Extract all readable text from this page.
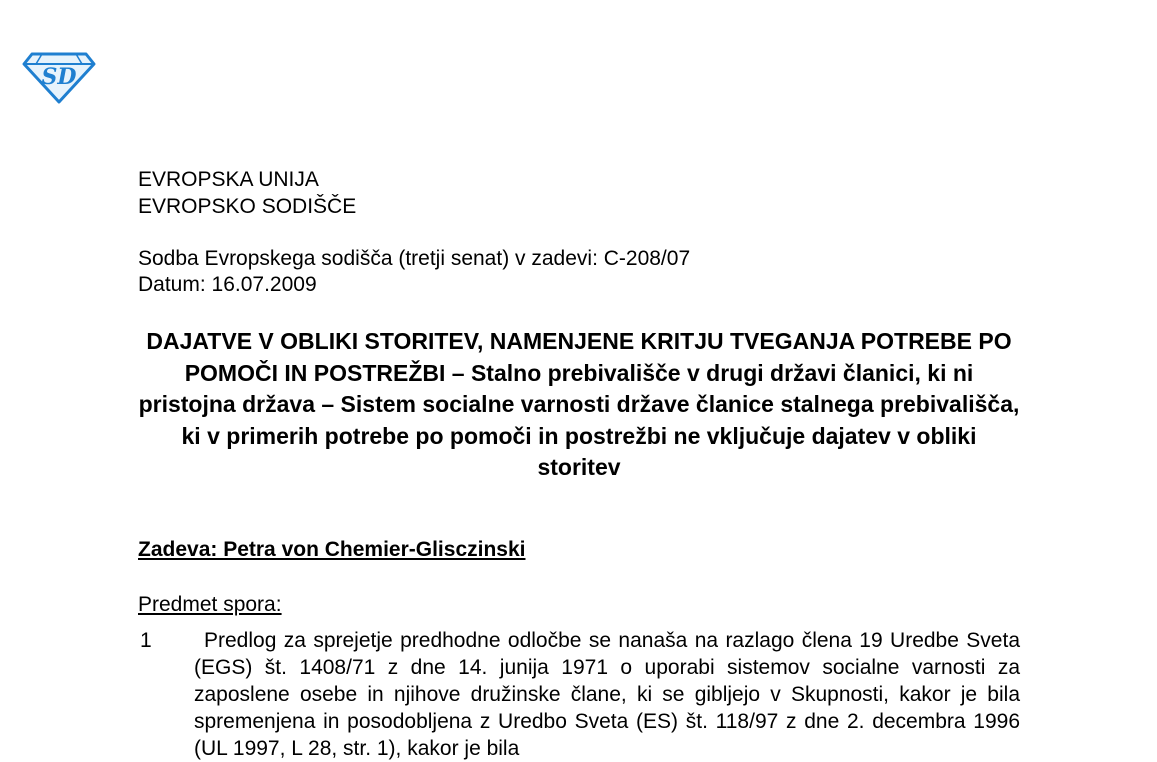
SD
EVROPSKA UNIJA
EVROPSKO SODIŠČE
Sodba Evropskega sodišča (tretji senat) v zadevi: C-208/07
Datum: 16.07.2009
DAJATVE V OBLIKI STORITEV, NAMENJENE KRITJU TVEGANJA POTREBE PO POMOČI IN POSTREŽBI – Stalno prebivališče v drugi državi članici, ki ni pristojna država – Sistem socialne varnosti države članice stalnega prebivališča, ki v primerih potrebe po pomoči in postrežbi ne vključuje dajatev v obliki storitev
Zadeva: Petra von Chemier-Glisczinski
Predmet spora:
1	Predlog za sprejetje predhodne odločbe se nanaša na razlago člena 19 Uredbe Sveta (EGS) št. 1408/71 z dne 14. junija 1971 o uporabi sistemov socialne varnosti za zaposlene osebe in njihove družinske člane, ki se gibljejo v Skupnosti, kakor je bila spremenjena in posodobljena z Uredbo Sveta (ES) št. 118/97 z dne 2. decembra 1996 (UL 1997, L 28, str. 1), kakor je bila
